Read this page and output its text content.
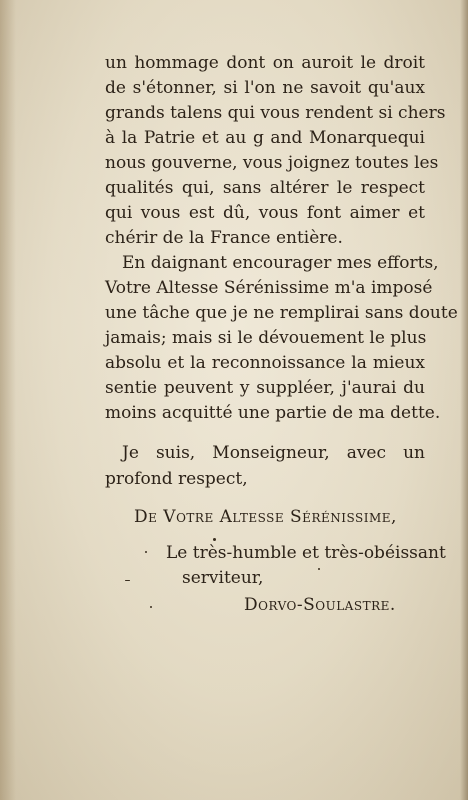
un hommage dont on auroit le droit
de s'étonner, si l'on ne savoit qu'aux
grands talens qui vous rendent si chers
à la Patrie et au g and Monarquequi
nous gouverne, vous joignez toutes les
qualités qui, sans altérer le respect
qui vous est dû, vous font aimer et
chérir de la France entière.
En daignant encourager mes efforts,
Votre Altesse Sérénissime m'a imposé
une tâche que je ne remplirai sans doute
jamais; mais si le dévouement le plus
absolu et la reconnoissance la mieux
sentie peuvent y suppléer, j'aurai du
moins acquitté une partie de ma dette.
Je suis, Monseigneur, avec un
profond respect,
De Votre Altesse Sérénissime,
Le très-humble et très-obéissant
serviteur,
Dorvo-Soulastre.
